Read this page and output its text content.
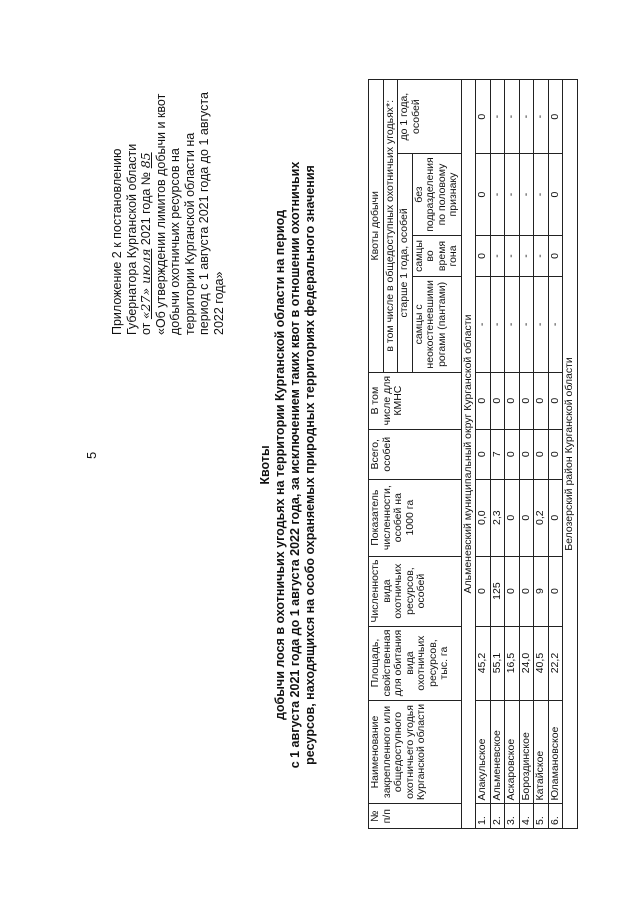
5
Приложение 2 к постановлению Губернатора Курганской области от «27» июля 2021 года № 85 «Об утверждении лимитов добычи и квот добычи охотничьих ресурсов на территории Курганской области на период с 1 августа 2021 года до 1 августа 2022 года»
Квоты добычи лося в охотничьих угодьях на территории Курганской области на период с 1 августа 2021 года до 1 августа 2022 года, за исключением таких квот в отношении охотничьих ресурсов, находящихся на особо охраняемых природных территориях федерального значения
№ п/п	Наименование закрепленного или общедоступного охотничьего угодья Курганской области	Площадь, свойственная для обитания вида охотничьих ресурсов, тыс. га	Численность вида охотничьих ресурсов, особей	Показатель численности, особей на 1000 га	Всего, особей	В том числе для КМНС	Квоты добычи			
							в том числе в общедоступных охотничьих угодьях*:			
							старше 1 года, особей			до 1 года, особей
							самцы с неокостеневшими рогами (пантами)	самцы во время гона	без подразделения по половому признаку	
Альменевский муниципальный округ Курганской области										
1.	Алакульское	45,2	0	0,0	0	0	-	0	0	0
2.	Альменевское	55,1	125	2,3	7	0	-	-	-	-
3.	Аскаровское	16,5	0	0	0	0	-	-	-	-
4.	Бороздинское	24,0	0	0	0	0	-	-	-	-
5.	Катайское	40,5	9	0,2	0	0	-	-	-	-
6.	Юламановское	22,2	0	0	0	0	-	0	0	0
Белозерский район Курганской области										
